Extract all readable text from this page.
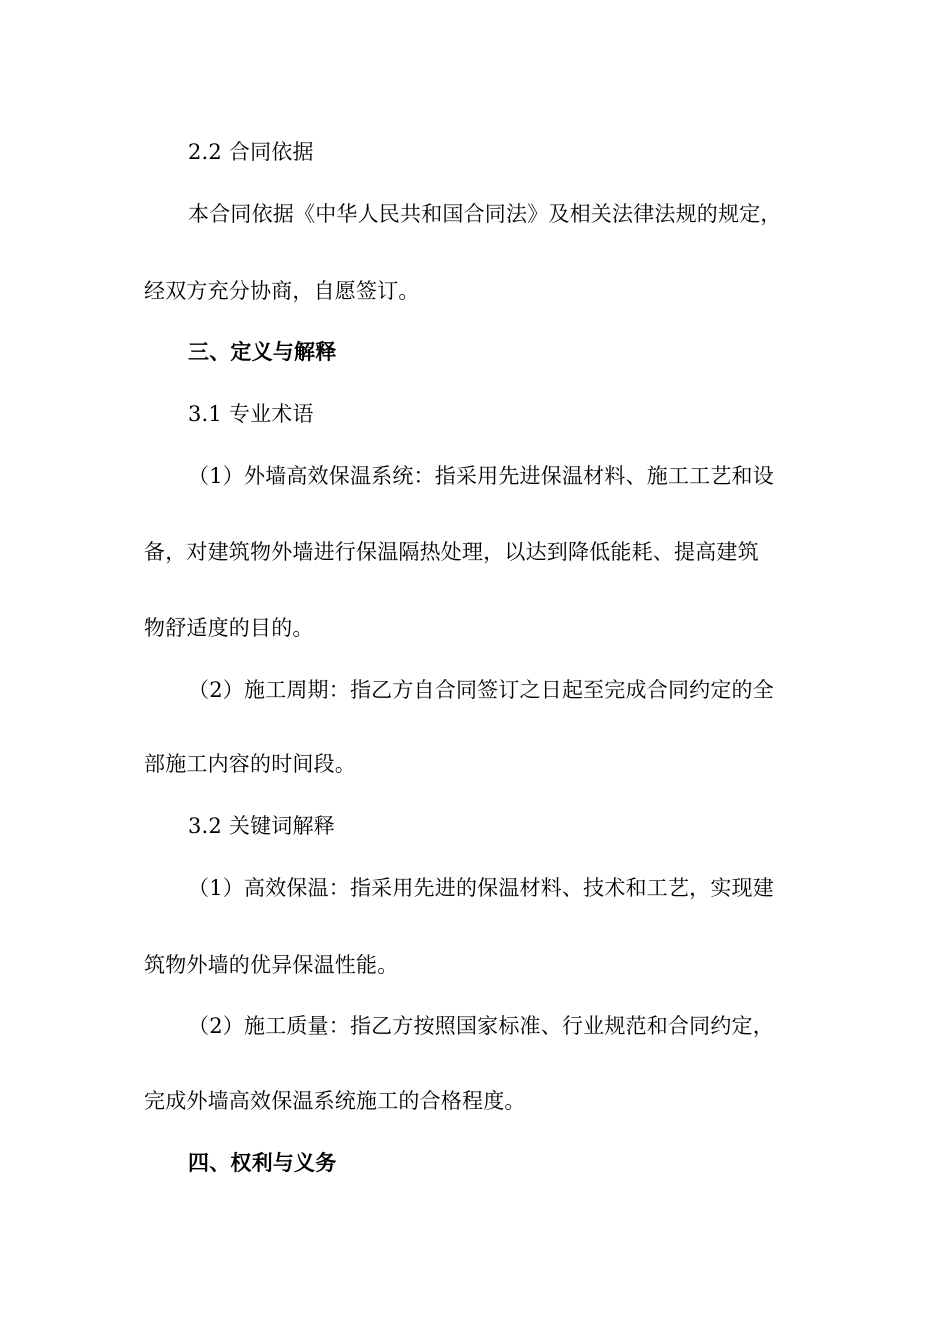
2.2 合同依据
本合同依据《中华人民共和国合同法》及相关法律法规的规定，
经双方充分协商，自愿签订。
三、定义与解释
3.1 专业术语
（1）外墙高效保温系统：指采用先进保温材料、施工工艺和设
备，对建筑物外墙进行保温隔热处理，以达到降低能耗、提高建筑
物舒适度的目的。
（2）施工周期：指乙方自合同签订之日起至完成合同约定的全
部施工内容的时间段。
3.2 关键词解释
（1）高效保温：指采用先进的保温材料、技术和工艺，实现建
筑物外墙的优异保温性能。
（2）施工质量：指乙方按照国家标准、行业规范和合同约定，
完成外墙高效保温系统施工的合格程度。
四、权利与义务
